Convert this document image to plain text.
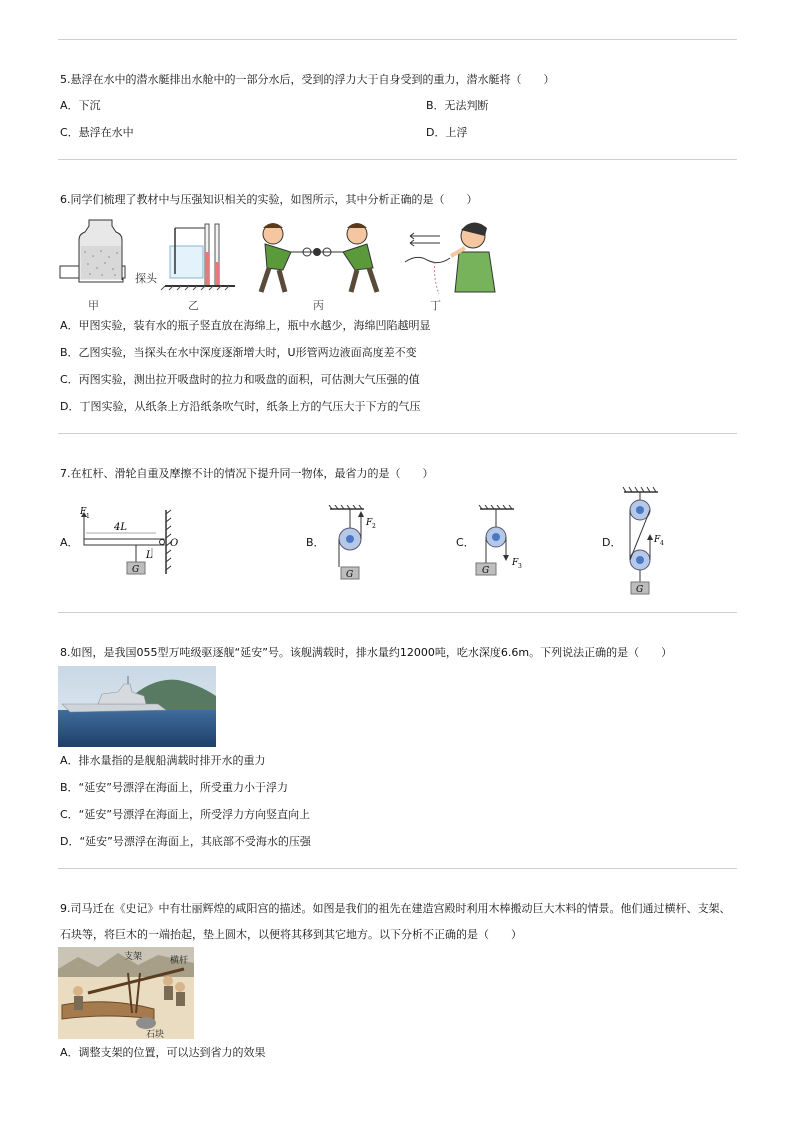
5.悬浮在水中的潜水艇排出水舱中的一部分水后，受到的浮力大于自身受到的重力，潜水艇将（　　）
A．下沉	B．无法判断
C．悬浮在水中	D．上浮
6.同学们梳理了教材中与压强知识相关的实验，如图所示，其中分析正确的是（　　）
甲
探头
乙	丙	丁
A．甲图实验，装有水的瓶子竖直放在海绵上，瓶中水越少，海绵凹陷越明显
B．乙图实验，当探头在水中深度逐渐增大时，U形管两边液面高度差不变
C．丙图实验，测出拉开吸盘时的拉力和吸盘的面积，可估测大气压强的值
D．丁图实验，从纸条上方沿纸条吹气时，纸条上方的气压大于下方的气压
7.在杠杆、滑轮自重及摩擦不计的情况下提升同一物体，最省力的是（　　）
A．	B．	C．	D．
F 1
4L
O
L
G
F 2
G
F 3
G
F 4
G
8.如图，是我国055型万吨级驱逐舰“延安”号。该舰满载时，排水量约12000吨，吃水深度6.6m。下列说法正确的是（　　）
A．排水量指的是舰船满载时排开水的重力
B．“延安”号漂浮在海面上，所受重力小于浮力
C．“延安”号漂浮在海面上，所受浮力方向竖直向上
D．“延安”号漂浮在海面上，其底部不受海水的压强
9.司马迁在《史记》中有壮丽辉煌的咸阳宫的描述。如图是我们的祖先在建造宫殿时利用木棒搬动巨大木料的情景。他们通过横杆、支架、
石块等，将巨木的一端抬起，垫上圆木，以便将其移到其它地方。以下分析不正确的是（　　）
支架	横杆
石块
A．调整支架的位置，可以达到省力的效果
